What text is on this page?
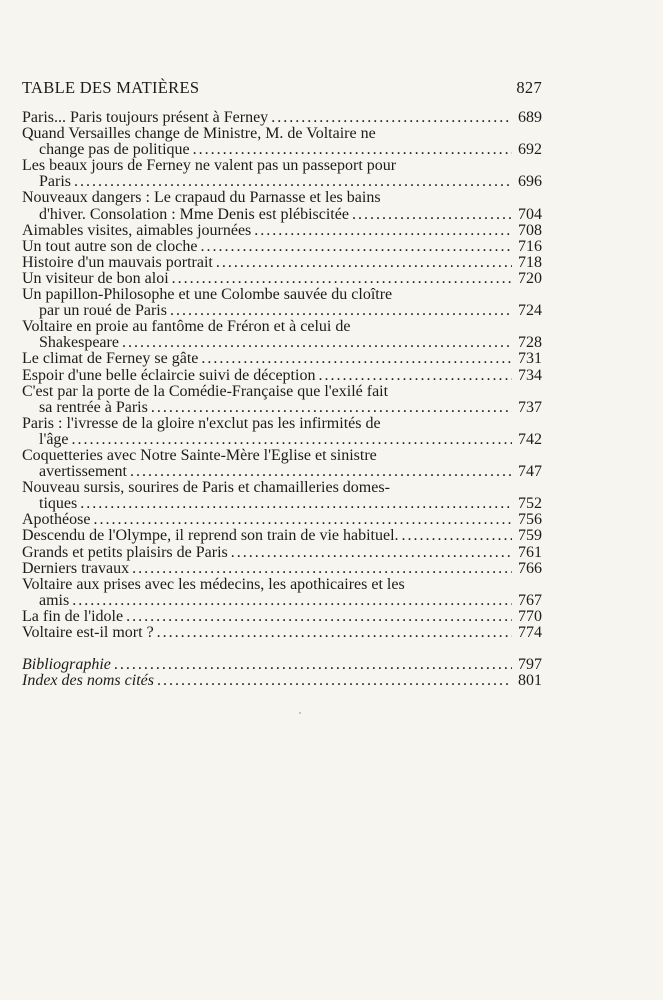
TABLE DES MATIÈRES	827
Paris... Paris toujours présent à Ferney . . .	689
Quand Versailles change de Ministre, M. de Voltaire ne
change pas de politique . . .	692
Les beaux jours de Ferney ne valent pas un passeport pour
Paris . . .	696
Nouveaux dangers : Le crapaud du Parnasse et les bains
d'hiver. Consolation : Mme Denis est plébiscitée . . .	704
Aimables visites, aimables journées . . .	708
Un tout autre son de cloche . . .	716
Histoire d'un mauvais portrait . . .	718
Un visiteur de bon aloi . . .	720
Un papillon-Philosophe et une Colombe sauvée du cloître
par un roué de Paris . . .	724
Voltaire en proie au fantôme de Fréron et à celui de
Shakespeare . . .	728
Le climat de Ferney se gâte . . .	731
Espoir d'une belle éclaircie suivi de déception . . .	734
C'est par la porte de la Comédie-Française que l'exilé fait
sa rentrée à Paris . . .	737
Paris : l'ivresse de la gloire n'exclut pas les infirmités de
l'âge . . .	742
Coquetteries avec Notre Sainte-Mère l'Eglise et sinistre
avertissement . . .	747
Nouveau sursis, sourires de Paris et chamailleries domes-
tiques . . .	752
Apothéose . . .	756
Descendu de l'Olympe, il reprend son train de vie habituel. . . .	759
Grands et petits plaisirs de Paris . . .	761
Derniers travaux . . .	766
Voltaire aux prises avec les médecins, les apothicaires et les
amis . . .	767
La fin de l'idole . . .	770
Voltaire est-il mort ? . . .	774
Bibliographie . . .	797
Index des noms cités . . .	801
